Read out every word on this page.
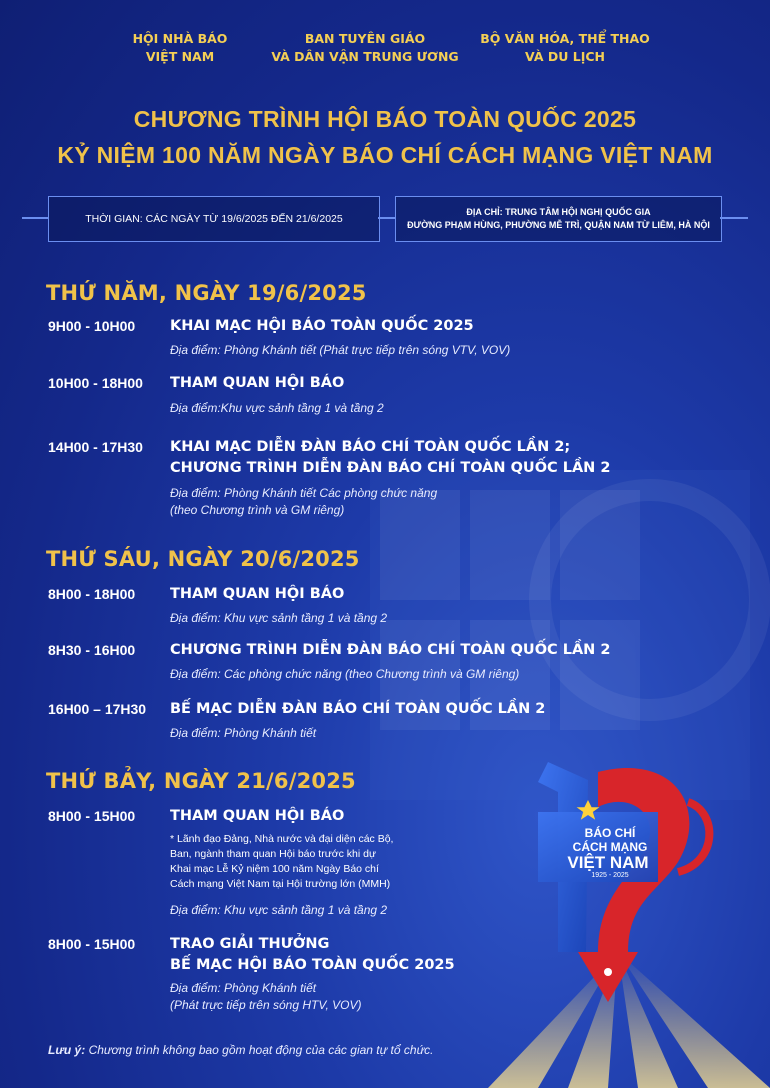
HỘI NHÀ BÁO
VIỆT NAM
BAN TUYÊN GIÁO
VÀ DÂN VẬN TRUNG ƯƠNG
BỘ VĂN HÓA, THỂ THAO
VÀ DU LỊCH
CHƯƠNG TRÌNH HỘI BÁO TOÀN QUỐC 2025
KỶ NIỆM 100 NĂM NGÀY BÁO CHÍ CÁCH MẠNG VIỆT NAM
THỜI GIAN: CÁC NGÀY TỪ 19/6/2025 ĐẾN 21/6/2025
ĐỊA CHỈ: TRUNG TÂM HỘI NGHỊ QUỐC GIA
ĐƯỜNG PHẠM HÙNG, PHƯỜNG MỄ TRÌ, QUẬN NAM TỪ LIÊM, HÀ NỘI
THỨ NĂM, NGÀY 19/6/2025
9H00 - 10H00	KHAI MẠC HỘI BÁO TOÀN QUỐC 2025
Địa điểm: Phòng Khánh tiết (Phát trực tiếp trên sóng VTV, VOV)
10H00 - 18H00	THAM QUAN HỘI BÁO
Địa điểm:Khu vực sảnh tầng 1 và tầng 2
14H00 - 17H30	KHAI MẠC DIỄN ĐÀN BÁO CHÍ TOÀN QUỐC LẦN 2;
CHƯƠNG TRÌNH DIỄN ĐÀN BÁO CHÍ TOÀN QUỐC LẦN 2
Địa điểm: Phòng Khánh tiết Các phòng chức năng
(theo Chương trình và GM riêng)
THỨ SÁU, NGÀY 20/6/2025
8H00 - 18H00	THAM QUAN HỘI BÁO
Địa điểm: Khu vực sảnh tầng 1 và tầng 2
8H30 - 16H00	CHƯƠNG TRÌNH DIỄN ĐÀN BÁO CHÍ TOÀN QUỐC LẦN 2
Địa điểm: Các phòng chức năng (theo Chương trình và GM riêng)
16H00 – 17H30	BẾ MẠC DIỄN ĐÀN BÁO CHÍ TOÀN QUỐC LẦN 2
Địa điểm: Phòng Khánh tiết
THỨ BẢY, NGÀY 21/6/2025
8H00 - 15H00	THAM QUAN HỘI BÁO
* Lãnh đạo Đảng, Nhà nước và đại diện các Bộ,
Ban, ngành tham quan Hội báo trước khi dự
Khai mạc Lễ Kỷ niệm 100 năm Ngày Báo chí
Cách mạng Việt Nam tại Hội trường lớn (MMH)
Địa điểm: Khu vực sảnh tầng 1 và tầng 2
8H00 - 15H00	TRAO GIẢI THƯỞNG
BẾ MẠC HỘI BÁO TOÀN QUỐC 2025
Địa điểm: Phòng Khánh tiết
(Phát trực tiếp trên sóng HTV, VOV)
BÁO CHÍ
CÁCH MẠNG
VIỆT NAM
1925 - 2025
Lưu ý: Chương trình không bao gồm hoạt động của các gian tự tổ chức.
